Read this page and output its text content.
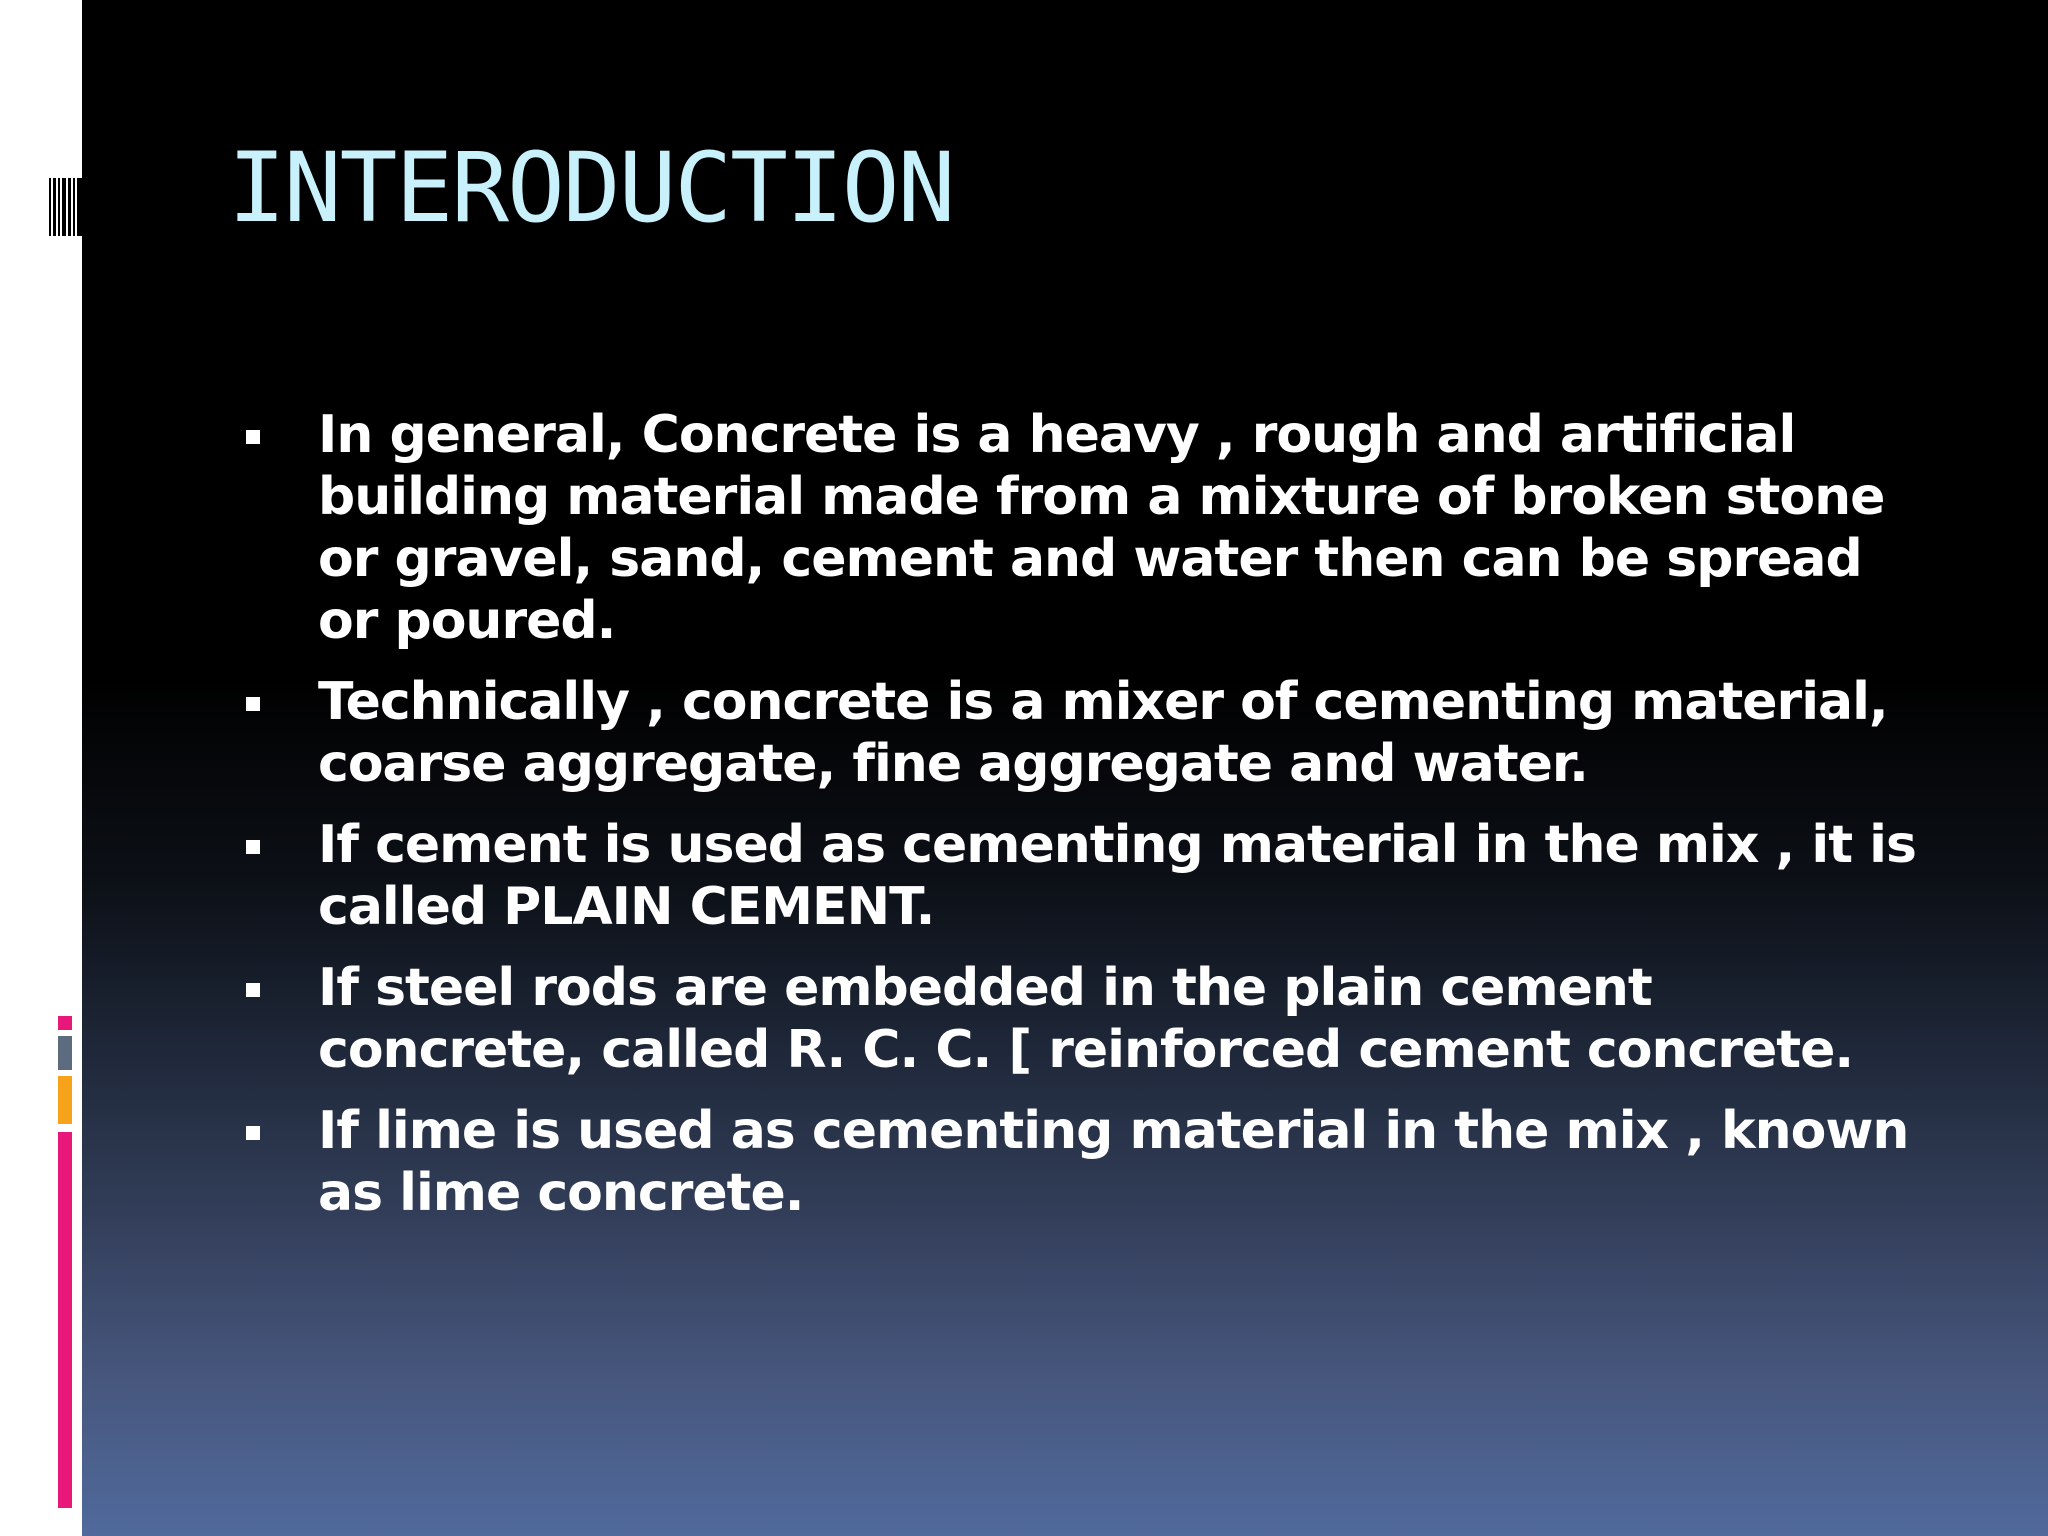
INTERODUCTION
In general, Concrete is a heavy , rough and artificial building material made from a mixture of broken stone or gravel, sand, cement and water then can be spread or poured.
Technically , concrete is a mixer of cementing material, coarse aggregate, fine aggregate and water.
If cement is used as cementing material in the mix , it is called PLAIN CEMENT.
If steel rods are embedded in the plain cement concrete, called R. C. C. [ reinforced cement concrete.
If lime is used as cementing material in the mix , known as lime concrete.
